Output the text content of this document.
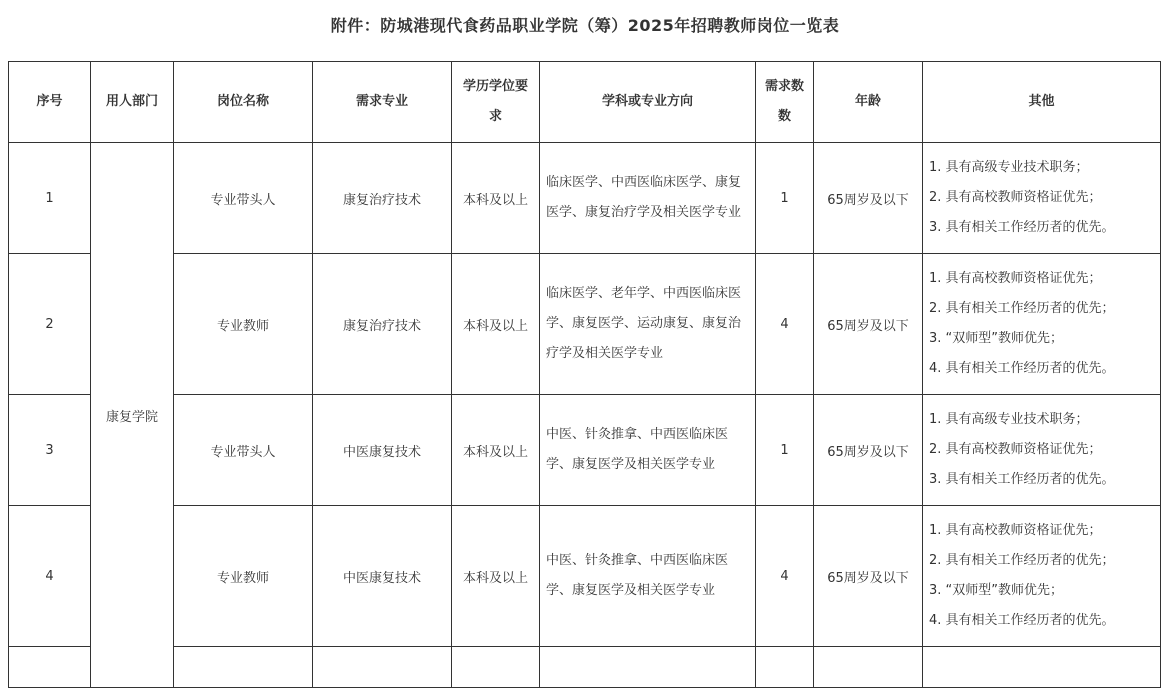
附件：防城港现代食药品职业学院（筹）2025年招聘教师岗位一览表
序号	用人部门	岗位名称	需求专业	学历学位要求	学科或专业方向	需求数数	年龄	其他
1	康复学院	专业带头人	康复治疗技术	本科及以上	临床医学、中西医临床医学、康复医学、康复治疗学及相关医学专业	1	65周岁及以下	1. 具有高级专业技术职务；
2. 具有高校教师资格证优先；
3. 具有相关工作经历者的优先。

2		专业教师	康复治疗技术	本科及以上	临床医学、老年学、中西医临床医学、康复医学、运动康复、康复治疗学及相关医学专业	4	65周岁及以下	1. 具有高校教师资格证优先；
2. 具有相关工作经历者的优先；
3. “双师型”教师优先；
4. 具有相关工作经历者的优先。

3		专业带头人	中医康复技术	本科及以上	中医、针灸推拿、中西医临床医学、康复医学及相关医学专业	1	65周岁及以下	1. 具有高级专业技术职务；
2. 具有高校教师资格证优先；
3. 具有相关工作经历者的优先。

4		专业教师	中医康复技术	本科及以上	中医、针灸推拿、中西医临床医学、康复医学及相关医学专业	4	65周岁及以下	1. 具有高校教师资格证优先；
2. 具有相关工作经历者的优先；
3. “双师型”教师优先；
4. 具有相关工作经历者的优先。
